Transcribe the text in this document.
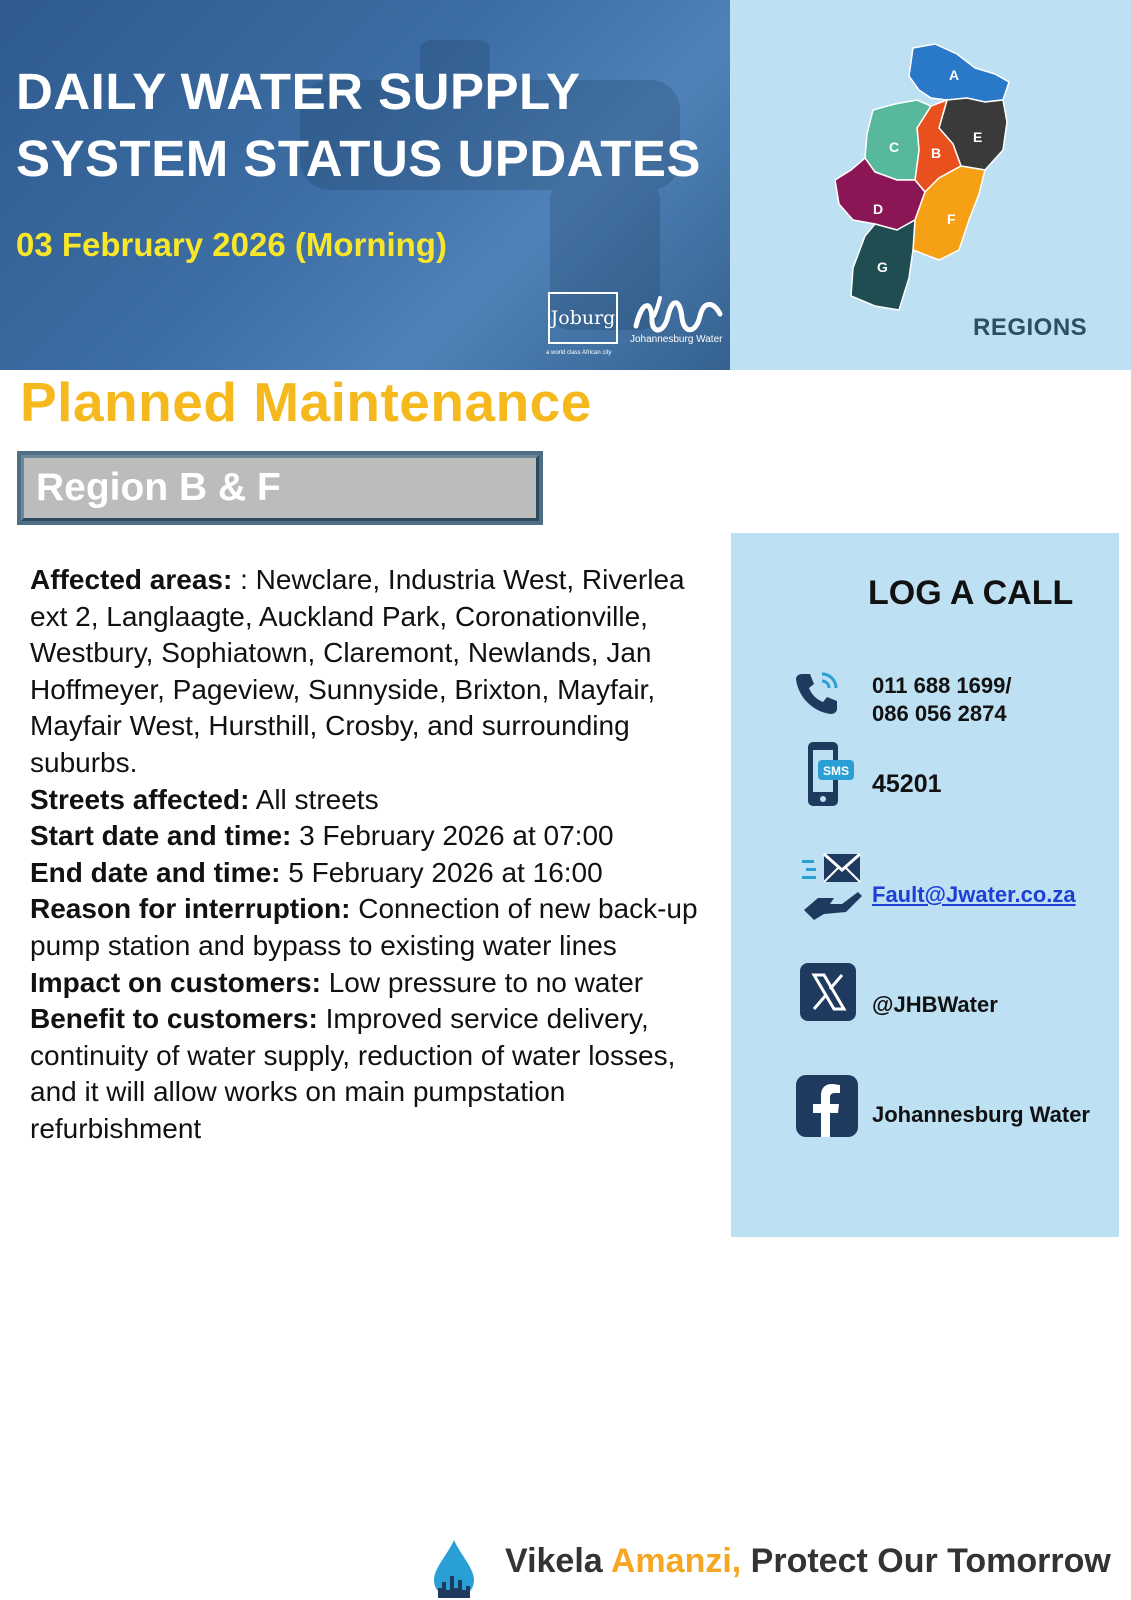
DAILY WATER SUPPLY
SYSTEM STATUS UPDATES
03 February 2026 (Morning)
Joburg
a world class African city
Johannesburg Water
A
B
C
D
E
F
G
REGIONS
Planned Maintenance
Region B & F

Affected areas: : Newclare, Industria West, Riverlea ext 2, Langlaagte, Auckland Park, Coronationville, Westbury, Sophiatown, Claremont, Newlands, Jan Hoffmeyer, Pageview, Sunnyside, Brixton, Mayfair, Mayfair West, Hursthill, Crosby, and surrounding suburbs.

Streets affected: All streets

Start date and time: 3 February 2026 at 07:00

End date and time: 5 February 2026 at 16:00

Reason for interruption: Connection of new back-up pump station and bypass to existing water lines

Impact on customers: Low pressure to no water

Benefit to customers: Improved service delivery, continuity of water supply, reduction of water losses, and it will allow works on main pumpstation refurbishment

LOG A CALL
011 688 1699/
086 056 2874
SMS 45201
Fault@Jwater.co.za
@JHBWater
Johannesburg Water
Vikela Amanzi, Protect Our Tomorrow
